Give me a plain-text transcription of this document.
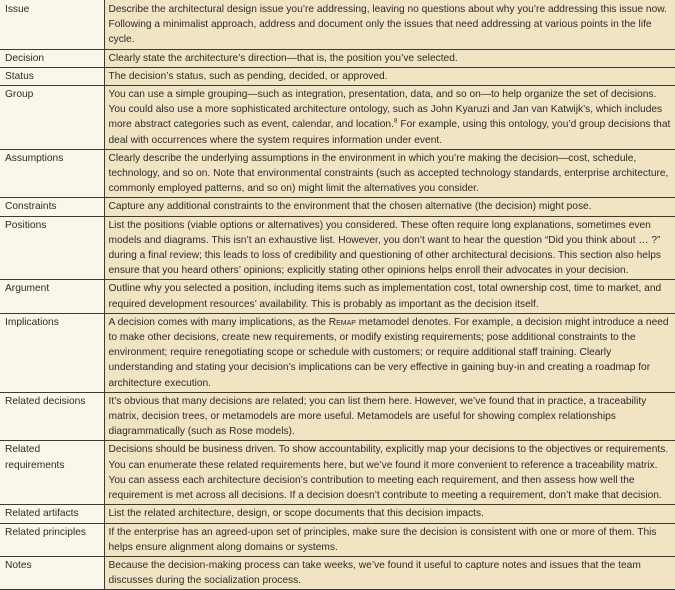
Issue	Describe the architectural design issue you’re addressing, leaving no questions about why you’re addressing this issue now. Following a minimalist approach, address and document only the issues that need addressing at various points in the life cycle.
Decision	Clearly state the architecture’s direction—that is, the position you’ve selected.
Status	The decision’s status, such as pending, decided, or approved.
Group	You can use a simple grouping—such as integration, presentation, data, and so on—to help organize the set of decisions. You could also use a more sophisticated architecture ontology, such as John Kyaruzi and Jan van Katwijk’s, which includes more abstract categories such as event, calendar, and location.$^8$ For example, using this ontology, you’d group decisions that deal with occurrences where the system requires information under event.
Assumptions	Clearly describe the underlying assumptions in the environment in which you’re making the decision—cost, schedule, technology, and so on. Note that environmental constraints (such as accepted technology standards, enterprise architecture, commonly employed patterns, and so on) might limit the alternatives you consider.
Constraints	Capture any additional constraints to the environment that the chosen alternative (the decision) might pose.
Positions	List the positions (viable options or alternatives) you considered. These often require long explanations, sometimes even models and diagrams. This isn’t an exhaustive list. However, you don’t want to hear the question “Did you think about … ?” during a final review; this leads to loss of credibility and questioning of other architectural decisions. This section also helps ensure that you heard others’ opinions; explicitly stating other opinions helps enroll their advocates in your decision.
Argument	Outline why you selected a position, including items such as implementation cost, total ownership cost, time to market, and required development resources’ availability. This is probably as important as the decision itself.
Implications	A decision comes with many implications, as the Remap metamodel denotes. For example, a decision might introduce a need to make other decisions, create new requirements, or modify existing requirements; pose additional constraints to the environment; require renegotiating scope or schedule with customers; or require additional staff training. Clearly understanding and stating your decision’s implications can be very effective in gaining buy-in and creating a roadmap for architecture execution.
Related decisions	It’s obvious that many decisions are related; you can list them here. However, we’ve found that in practice, a traceability matrix, decision trees, or metamodels are more useful. Metamodels are useful for showing complex relationships diagrammatically (such as Rose models).
Related requirements	Decisions should be business driven. To show accountability, explicitly map your decisions to the objectives or requirements. You can enumerate these related requirements here, but we’ve found it more convenient to reference a traceability matrix. You can assess each architecture decision’s contribution to meeting each requirement, and then assess how well the requirement is met across all decisions. If a decision doesn’t contribute to meeting a requirement, don’t make that decision.
Related artifacts	List the related architecture, design, or scope documents that this decision impacts.
Related principles	If the enterprise has an agreed-upon set of principles, make sure the decision is consistent with one or more of them. This helps ensure alignment along domains or systems.
Notes	Because the decision-making process can take weeks, we’ve found it useful to capture notes and issues that the team discusses during the socialization process.
